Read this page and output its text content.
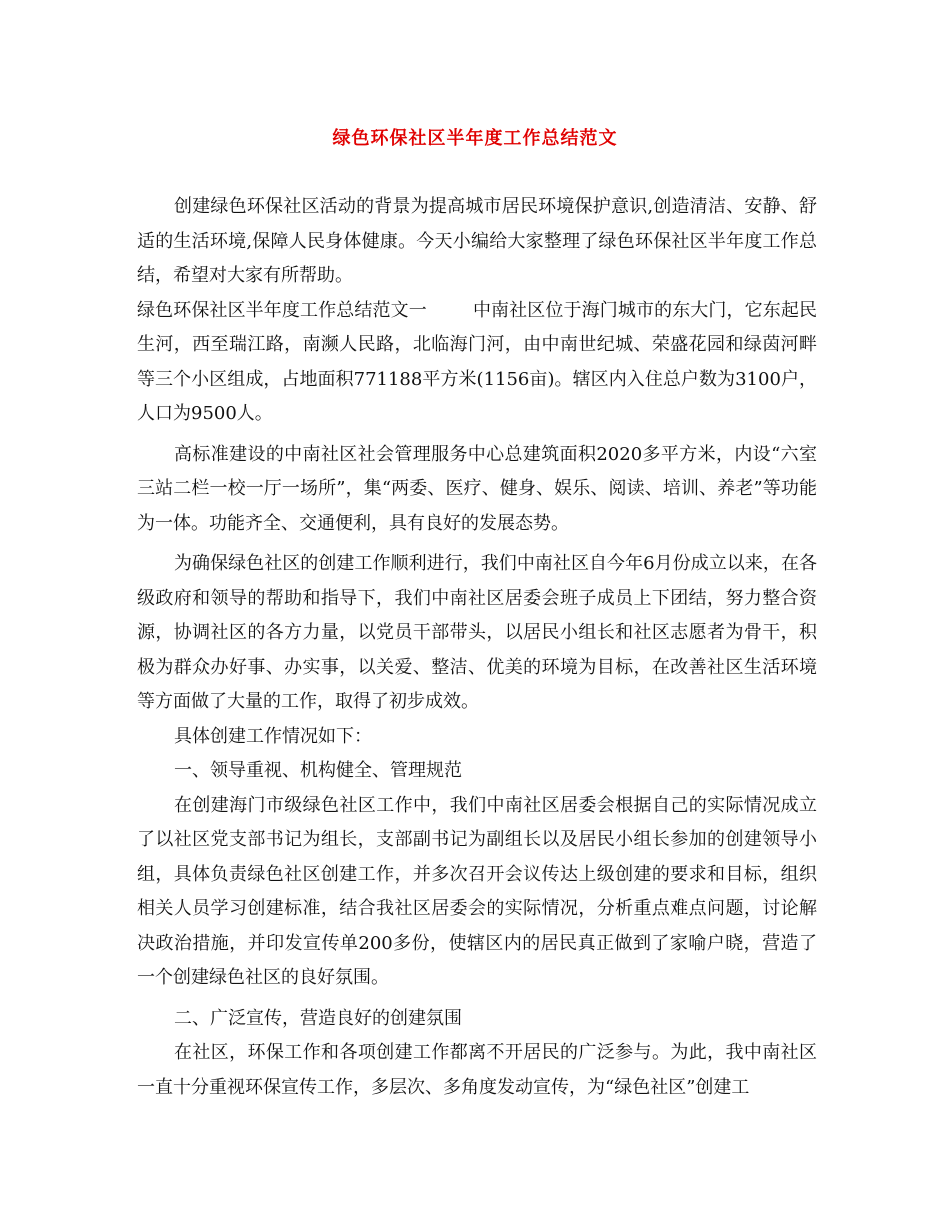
绿色环保社区半年度工作总结范文

创建绿色环保社区活动的背景为提高城市居民环境保护意识,创造清洁、安静、舒适的生活环境,保障人民身体健康。今天小编给大家整理了绿色环保社区半年度工作总结，希望对大家有所帮助。

绿色环保社区半年度工作总结范文一	中南社区位于海门城市的东大门，它东起民生河，西至瑞江路，南濒人民路，北临海门河，由中南世纪城、荣盛花园和绿茵河畔等三个小区组成，占地面积771188平方米(1156亩)。辖区内入住总户数为3100户，人口为9500人。

高标准建设的中南社区社会管理服务中心总建筑面积2020多平方米，内设“六室三站二栏一校一厅一场所”，集“两委、医疗、健身、娱乐、阅读、培训、养老”等功能为一体。功能齐全、交通便利，具有良好的发展态势。

为确保绿色社区的创建工作顺利进行，我们中南社区自今年6月份成立以来，在各级政府和领导的帮助和指导下，我们中南社区居委会班子成员上下团结，努力整合资源，协调社区的各方力量，以党员干部带头，以居民小组长和社区志愿者为骨干，积极为群众办好事、办实事，以关爱、整洁、优美的环境为目标，在改善社区生活环境等方面做了大量的工作，取得了初步成效。

具体创建工作情况如下：

一、领导重视、机构健全、管理规范

在创建海门市级绿色社区工作中，我们中南社区居委会根据自己的实际情况成立了以社区党支部书记为组长，支部副书记为副组长以及居民小组长参加的创建领导小组，具体负责绿色社区创建工作，并多次召开会议传达上级创建的要求和目标，组织相关人员学习创建标准，结合我社区居委会的实际情况，分析重点难点问题，讨论解决政治措施，并印发宣传单200多份，使辖区内的居民真正做到了家喻户晓，营造了一个创建绿色社区的良好氛围。

二、广泛宣传，营造良好的创建氛围

在社区，环保工作和各项创建工作都离不开居民的广泛参与。为此，我中南社区一直十分重视环保宣传工作，多层次、多角度发动宣传，为“绿色社区”创建工
